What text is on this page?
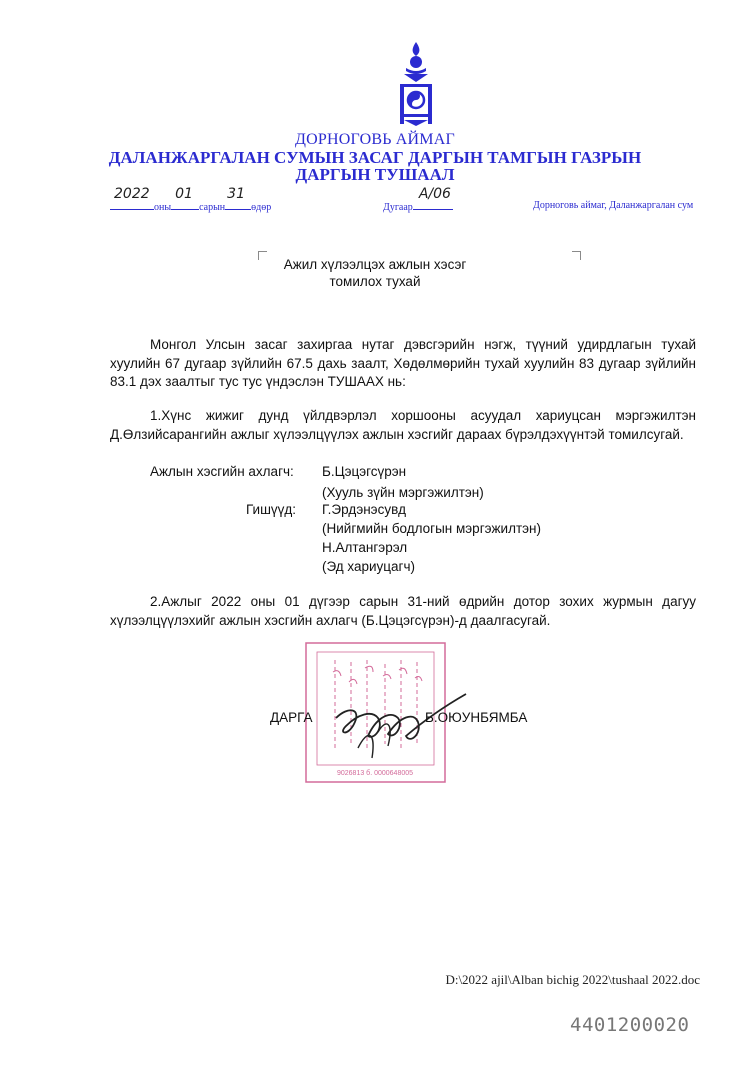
ДОРНОГОВЬ АЙМАГ
ДАЛАНЖАРГАЛАН СУМЫН ЗАСАГ ДАРГЫН ТАМГЫН ГАЗРЫН
ДАРГЫН ТУШААЛ
2022
оны
01
сарын
31
өдөр	Дугаар
A/06
Дорноговь аймаг, Даланжаргалан сум
Ажил хүлээлцэх ажлын хэсэг
томилох тухай
Монгол Улсын засаг захиргаа нутаг дэвсгэрийн нэгж, түүний удирдлагын тухай хуулийн 67 дугаар зүйлийн 67.5 дахь заалт, Хөдөлмөрийн тухай хуулийн 83 дугаар зүйлийн 83.1 дэх заалтыг тус тус үндэслэн ТУШААХ нь:
1.Хүнс жижиг дунд үйлдвэрлэл хоршооны асуудал хариуцсан мэргэжилтэн Д.Өлзийсарангийн ажлыг хүлээлцүүлэх ажлын хэсгийг дараах бүрэлдэхүүнтэй томилсугай.
Ажлын хэсгийн ахлагч: Б.Цэцэгсүрэн
(Хууль зүйн мэргэжилтэн)
Гишүүд: Г.Эрдэнэсувд
(Нийгмийн бодлогын мэргэжилтэн)
Н.Алтангэрэл
(Эд хариуцагч)
2.Ажлыг 2022 оны 01 дүгээр сарын 31-ний өдрийн дотор зохих журмын дагуу хүлээлцүүлэхийг ажлын хэсгийн ахлагч (Б.Цэцэгсүрэн)-д даалгасугай.
9026813 б. 0000648005
ДАРГА	Б.ОЮУНБЯМБА
D:\2022 ajil\Alban bichig 2022\tushaal 2022.doc
4401200020
